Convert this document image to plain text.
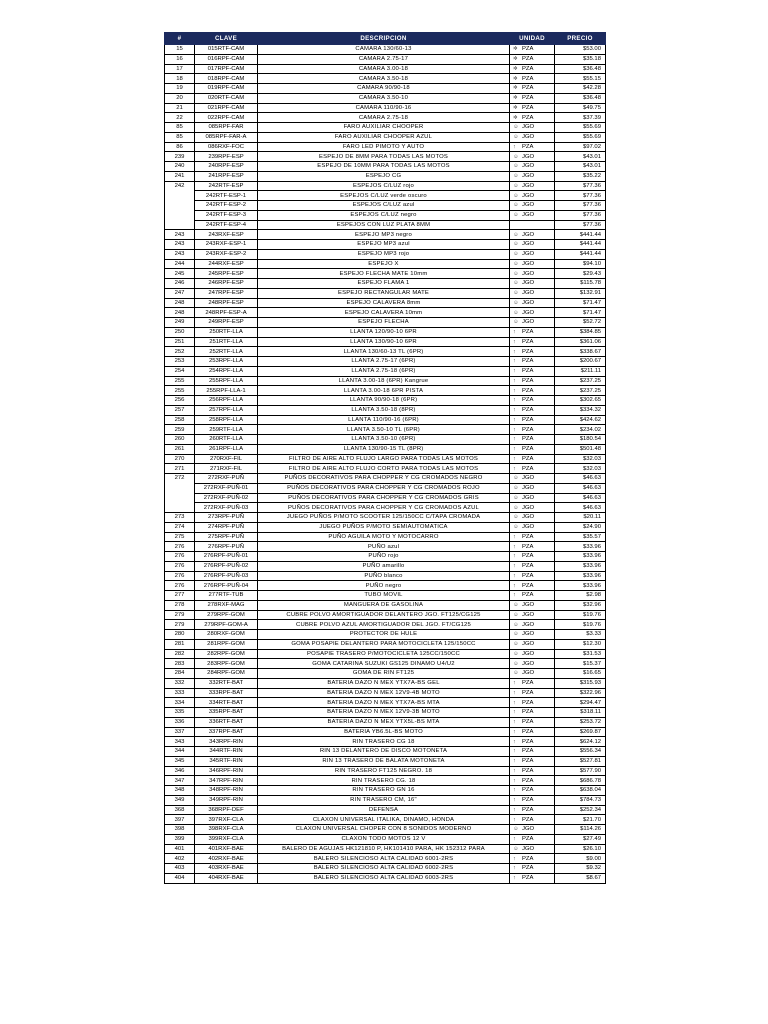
#	CLAVE	DESCRIPCION	UNIDAD	PRECIO
15	015RTF-CAM	CAMARA 130/60-13	✲ PZA	$53.00
16	016RPF-CAM	CAMARA 2.75-17	✲ PZA	$35.18
17	017RPF-CAM	CAMARA 3.00-18	✲ PZA	$36.48
18	018RPF-CAM	CAMARA 3.50-18	✲ PZA	$55.15
19	019RPF-CAM	CAMARA 90/90-18	✲ PZA	$42.28
20	020RTF-CAM	CAMARA 3.50-10	✲ PZA	$36.48
21	021RPF-CAM	CAMARA 110/90-16	✲ PZA	$49.75
22	022RPF-CAM	CAMARA 2.75-18	✲ PZA	$37.39
85	085RPF-FAR	FARO AUXILIAR CHOOPER	☺ JGO	$55.69
85	085RPF-FAR-A	FARO AUXILIAR CHOOPER AZUL	☺ JGO	$55.69
86	086RXF-FOC	FARO LED PIMOTO Y AUTO	↑ PZA	$97.02
239	239RPF-ESP	ESPEJO DE 8MM PARA TODAS LAS MOTOS	☺ JGO	$43.01
240	240RPF-ESP	ESPEJO DE 10MM PARA TODAS LAS MOTOS	☺ JGO	$43.01
241	241RPF-ESP	ESPEJO CG	☺ JGO	$35.22
242	242RTF-ESP	ESPEJOS C/LUZ rojo	☺ JGO	$77.36
	242RTF-ESP-1	ESPEJOS C/LUZ verde oscuro	☺ JGO	$77.36
	242RTF-ESP-2	ESPEJOS C/LUZ azul	☺ JGO	$77.36
	242RTF-ESP-3	ESPEJOS C/LUZ negro	☺ JGO	$77.36
	242RTF-ESP-4	ESPEJOS CON LUZ PLATA 8MM		$77.36
243	243RXF-ESP	ESPEJO MP3 negro	☺ JGO	$441.44
243	243RXF-ESP-1	ESPEJO MP3 azul	☺ JGO	$441.44
243	243RXF-ESP-2	ESPEJO MP3 rojo	☺ JGO	$441.44
244	244RXF-ESP	ESPEJO X	☺ JGO	$94.10
245	245RPF-ESP	ESPEJO FLECHA MATE 10mm	☺ JGO	$29.43
246	246RPF-ESP	ESPEJO FLAMA 1	☺ JGO	$115.78
247	247RPF-ESP	ESPEJO RECTANGULAR MATE	☺ JGO	$132.91
248	248RPF-ESP	ESPEJO CALAVERA 8mm	☺ JGO	$71.47
248	248RPF-ESP-A	ESPEJO CALAVERA 10mm	☺ JGO	$71.47
249	249RPF-ESP	ESPEJO FLECHA	☺ JGO	$52.72
250	250RTF-LLA	LLANTA 120/90-10 6PR	↑ PZA	$384.85
251	251RTF-LLA	LLANTA 130/90-10 6PR	↑ PZA	$361.06
252	252RTF-LLA	LLANTA 130/60-13 TL (6PR)	↑ PZA	$338.67
253	253RPF-LLA	LLANTA 2.75-17 (6PR)	↑ PZA	$200.67
254	254RPF-LLA	LLANTA 2.75-18 (6PR)	↑ PZA	$211.11
255	255RPF-LLA	LLANTA 3.00-18 (6PR) Kangrue	↑ PZA	$237.25
255	255RPF-LLA-1	LLANTA 3.00-18 6PR PISTA	↑ PZA	$237.25
256	256RPF-LLA	LLANTA 90/90-18 (6PR)	↑ PZA	$302.65
257	257RPF-LLA	LLANTA 3.50-18 (8PR)	↑ PZA	$334.32
258	258RPF-LLA	LLANTA 110/90-16 (6PR)	↑ PZA	$424.62
259	259RTF-LLA	LLANTA 3.50-10 TL (6PR)	↑ PZA	$234.02
260	260RTF-LLA	LLANTA 3.50-10 (6PR)	↑ PZA	$180.54
261	261RPF-LLA	LLANTA 130/90-15 TL (8PR)	↑ PZA	$501.48
270	270RXF-FIL	FILTRO DE AIRE ALTO FLUJO LARGO PARA TODAS LAS MOTOS	↑ PZA	$32.03
271	271RXF-FIL	FILTRO DE AIRE ALTO FLUJO CORTO PARA TODAS LAS MOTOS	↑ PZA	$32.03
272	272RXF-PUÑ	PUÑOS DECORATIVOS PARA CHOPPER Y CG CROMADOS NEGRO	☺ JGO	$46.63
	272RXF-PUÑ-01	PUÑOS DECORATIVOS PARA CHOPPER Y CG CROMADOS ROJO	☺ JGO	$46.63
	272RXF-PUÑ-02	PUÑOS DECORATIVOS PARA CHOPPER Y CG CROMADOS GRIS	☺ JGO	$46.63
	272RXF-PUÑ-03	PUÑOS DECORATIVOS PARA CHOPPER Y CG CROMADOS AZUL	☺ JGO	$46.63
273	273RPF-PUÑ	JUEGO PUÑOS P/MOTO SCOOTER 125/150CC C/TAPA CROMADA	☺ JGO	$20.11
274	274RPF-PUÑ	JUEGO PUÑOS P/MOTO SEMIAUTOMATICA	☺ JGO	$24.90
275	275RPF-PUÑ	PUÑO AGUILA MOTO Y MOTOCARRO	↑ PZA	$35.57
276	276RPF-PUÑ	PUÑO azul	↑ PZA	$33.96
276	276RPF-PUÑ-01	PUÑO rojo	↑ PZA	$33.96
276	276RPF-PUÑ-02	PUÑO amarillo	↑ PZA	$33.96
276	276RPF-PUÑ-03	PUÑO blanco	↑ PZA	$33.96
276	276RPF-PUÑ-04	PUÑO negro	↑ PZA	$33.96
277	277RTF-TUB	TUBO MOVIL	↑ PZA	$2.98
278	278RXF-MAG	MANGUERA DE GASOLINA	☺ JGO	$32.96
279	279RPF-GOM	CUBRE POLVO AMORTIGUADOR DELANTERO JGO. FT125/CG125	☺ JGO	$19.76
279	279RPF-GOM-A	CUBRE POLVO AZUL AMORTIGUADOR DEL JGO. FT/CG125	☺ JGO	$19.76
280	280RXF-GOM	PROTECTOR DE HULE	☺ JGO	$3.33
281	281RPF-GOM	GOMA POSAPIE DELANTERO PARA MOTOCICLETA 125/150CC	☺ JGO	$12.30
282	282RPF-GOM	POSAPIE TRASERO P/MOTOCICLETA 125CC/150CC	☺ JGO	$31.53
283	283RPF-GOM	GOMA CATARINA SUZUKI GS125 DINAMO U4/U2	☺ JGO	$15.37
284	284RPF-GOM	GOMA DE RIN FT125	☺ JGO	$16.65
332	332RTF-BAT	BATERIA DAZO N MEX YTX7A-BS GEL	↑ PZA	$315.93
333	333RPF-BAT	BATERIA DAZO N MEX 12V9-4B MOTO	↑ PZA	$322.96
334	334RTF-BAT	BATERIA DAZO N MEX YTX7A-BS MTA	↑ PZA	$294.47
335	335RPF-BAT	BATERIA DAZO N MEX 12V9-3B MOTO	↑ PZA	$318.11
336	336RTF-BAT	BATERIA DAZO N MEX YTX5L-BS MTA	↑ PZA	$253.72
337	337RPF-BAT	BATERIA YB6.5L-BS MOTO	↑ PZA	$269.87
343	343RPF-RIN	RIN TRASERO CG 18	↑ PZA	$624.12
344	344RTF-RIN	RIN 13 DELANTERO DE DISCO MOTONETA	↑ PZA	$556.34
345	345RTF-RIN	RIN 13 TRASERO DE BALATA MOTONETA	↑ PZA	$527.81
346	346RPF-RIN	RIN TRASERO FT125 NEGRO. 18	↑ PZA	$577.90
347	347RPF-RIN	RIN TRASERO CG. 18	↑ PZA	$686.78
348	348RPF-RIN	RIN TRASERO GN 16	↑ PZA	$638.04
349	349RPF-RIN	RIN TRASERO CM, 16"	↑ PZA	$784.73
368	368RPF-DEF	DEFENSA	↑ PZA	$252.34
397	397RXF-CLA	CLAXON UNIVERSAL ITALIKA, DINAMO, HONDA	↑ PZA	$21.70
398	398RXF-CLA	CLAXON UNIVERSAL CHOPER CON 8 SONIDOS MODERNO	☺ JGO	$114.26
399	399RXF-CLA	CLAXON TODO MOTOS 12 V	↑ PZA	$27.49
401	401RXF-BAE	BALERO DE AGUJAS HK121810 P, HK101410 PARA, HK 152312 PARA	☺ JGO	$26.10
402	402RXF-BAE	BALERO SILENCIOSO ALTA CALIDAD 6001-2RS	↑ PZA	$9.00
403	403RXF-BAE	BALERO SILENCIOSO ALTA CALIDAD 6002-2RS	↑ PZA	$9.32
404	404RXF-BAE	BALERO SILENCIOSO ALTA CALIDAD 6003-2RS	↑ PZA	$8.67
